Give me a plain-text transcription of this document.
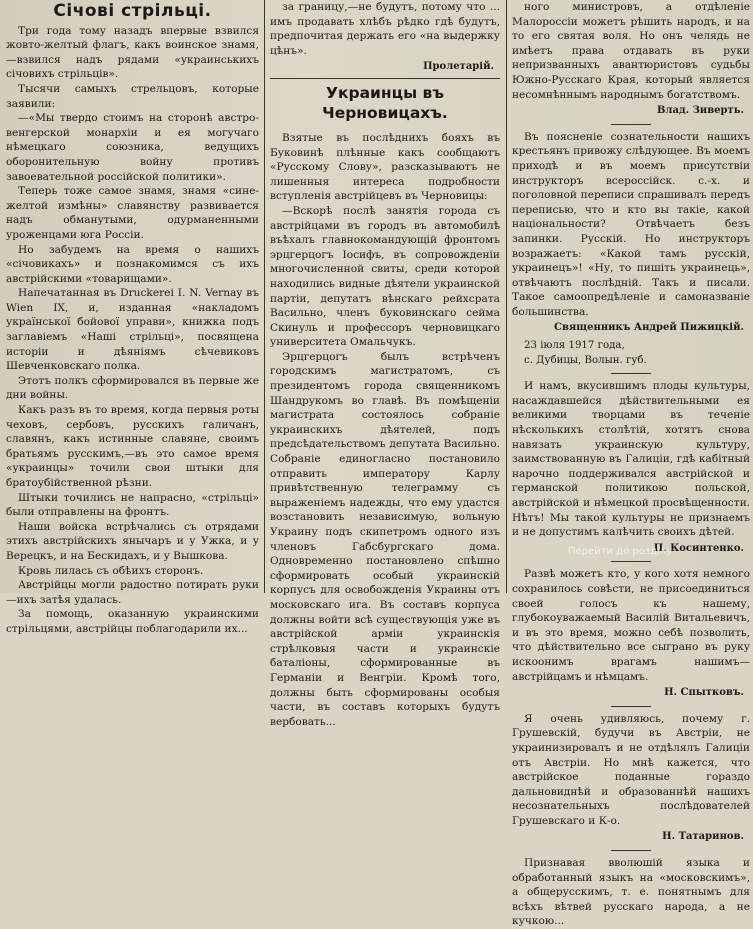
Січові стрільці.

Три года тому назадъ впервые взвился жовто-желтый флагъ, какъ воинское знамя, —взвился надъ рядами «украинськихъ січовихъ стрільців».

Тысячи самыхъ стрельцовъ, которые заявили:

—«Мы твердо стоимъ на сторонѣ австро-венгерской монархіи и ея могучаго нѣмецкаго союзника, ведущихъ оборонительную войну противъ завоевательной россійской политики».

Теперь тоже самое знамя, знамя «сине-желтой измѣны» славянству развивается надъ обманутыми, одурманенными уроженцами юга Россіи.

Но забудемъ на время о нашихъ «січовикахъ» и познакомимся съ ихъ австрійскими «товарищами».

Напечатанная въ Druckerei I. N. Vernay въ Wien IX, и, изданная «накладомъ української бойової управи», книжка подъ заглавіемъ «Наші стрільці», посвящена исторіи и дѣяніямъ сѣчевиковъ Шевченковскаго полка.

Этотъ полкъ сформировался въ первые же дни войны.

Какъ разъ въ то время, когда первыя роты чеховъ, сербовъ, русскихъ галичанъ, славянъ, какъ истинные славяне, своимъ братьямъ русскимъ,—въ это самое время «украинцы» точили свои штыки для братоубійственной рѣзни.

Штыки точились не напрасно, «стрільці» были отправлены на фронтъ.

Наши войска встрѣчались съ отрядами этихъ австрійскихъ янычаръ и у Ужка, и у Верецкъ, и на Бескидахъ, и у Вышкова.

Кровь лилась съ обѣихъ сторонъ.

Австрійцы могли радостно потирать руки—ихъ затѣя удалась.

За помощь, оказанную украинскими стрільцями, австрійцы поблагодарили их...

за границу,—не будутъ, потому что ... имъ продавать хлѣбъ рѣдко гдѣ будутъ, предпочитая держать его «на выдержку цѣнъ».

Пролетарій.
Украинцы въ Черновицахъ.

Взятые въ послѣднихъ бояхъ въ Буковинѣ плѣнные какъ сообщаютъ «Русскому Слову», разсказываютъ не лишенныя интереса подробности вступленія австрійцевъ въ Черновицы:

—Вскорѣ послѣ занятія города съ австрійцами въ городъ въ автомобилѣ въѣхалъ главнокомандующій фронтомъ эрцгерцогъ Іосифъ, въ сопровожденіи многочисленной свиты, среди которой находились видные дѣятели украинской партіи, депутатъ вѣнскаго рейхсрата Васильно, членъ буковинскаго сейма Скинуль и профессоръ черновицкаго университета Омальчукъ.

Эрцгерцогъ былъ встрѣченъ городскимъ магистратомъ, съ президентомъ города священникомъ Шандрукомъ во главѣ. Въ помѣщеніи магистрата состоялось собраніе украинскихъ дѣятелей, подъ предсѣдательствомъ депутата Васильно. Собраніе единогласно постановило отправить императору Карлу привѣтственную телеграмму съ выраженіемъ надежды, что ему удастся возстановить независимую, вольную Украину подъ скипетромъ одного изъ членовъ Габсбургскаго дома. Одновременно постановлено спѣшно сформировать особый украинскій корпусъ для освобожденія Украины отъ московскаго ига. Въ составъ корпуса должны войти всѣ существующія уже въ австрійской арміи украинскія стрѣлковыя части и украинскіе баталіоны, сформированные въ Германіи и Венгріи. Кромѣ того, должны быть сформированы особыя части, въ составъ которыхъ будутъ вербовать...

ного министровъ, а отдѣленіе Малороссіи можетъ рѣшить народъ, и на то его святая воля. Но онъ челядь не имѣетъ права отдавать въ руки непризванныхъ авантюристовъ судьбы Южно-Русскаго Края, который является несомнѣннымъ народнымъ богатствомъ.

Влад. Зиверть.

Въ поясненіе сознательности нашихъ крестьянъ привожу слѣдующее. Въ моемъ приходѣ и въ моемъ присутствіи инструкторъ всероссійск. с.-х. и поголовной переписи спрашивалъ передъ переписью, что и кто вы такіе, какой національности? Отвѣчаетъ безъ запинки. Русскій. Но инструкторъ возражаетъ: «Какой тамъ русскій, украинецъ»! «Ну, то пишіть украинець», отвѣчаютъ послѣдній. Такъ и писали. Такое самоопредѣленіе и самоназваніе большинства.

Священникъ Андрей Пижицкій.

23 іюля 1917 года,

с. Дубицы, Волын. губ.

И намъ, вкусившимъ плоды культуры, насаждавшейся дѣйствительными ея великими творцами въ теченіе нѣсколькихъ столѣтій, хотятъ снова навязать украинскую культуру, заимствованную въ Галиціи, гдѣ кабітный нарочно поддерживался австрійской и германской политикою польской, австрійской и нѣмецкой просвѣщенности. Нѣтъ! Мы такой культуры не признаемъ и не допустимъ калѣчить своихъ дѣтей.

П. Косинтенко.

Развѣ можетъ кто, у кого хотя немного сохранилось совѣсти, не присоединиться своей голосъ къ нашему, глубокоуважаемый Василій Витальевичъ, и въ это время, можно себѣ позволить, что дѣйствительно все сыграно въ руку искоонимъ врагамъ нашимъ—австрійцамъ и нѣмцамъ.

Н. Спытковъ.

Я очень удивляюсь, почему г. Грушевскій, будучи въ Австріи, не украинизировалъ и не отдѣлялъ Галиціи отъ Австріи. Но мнѣ кажется, что австрійское поданные гораздо дальновиднѣй и образованнѣй нашихъ несознательныхъ послѣдователей Грушевскаго и К-о.

Н. Татаринов.

Признавая вволюшій языка и обработанный языкъ на «московскимъ», а общерусскимъ, т. е. понятнымъ для всѣхъ вѣтвей русскаго народа, а не кучкою...

Перейти до розділу
